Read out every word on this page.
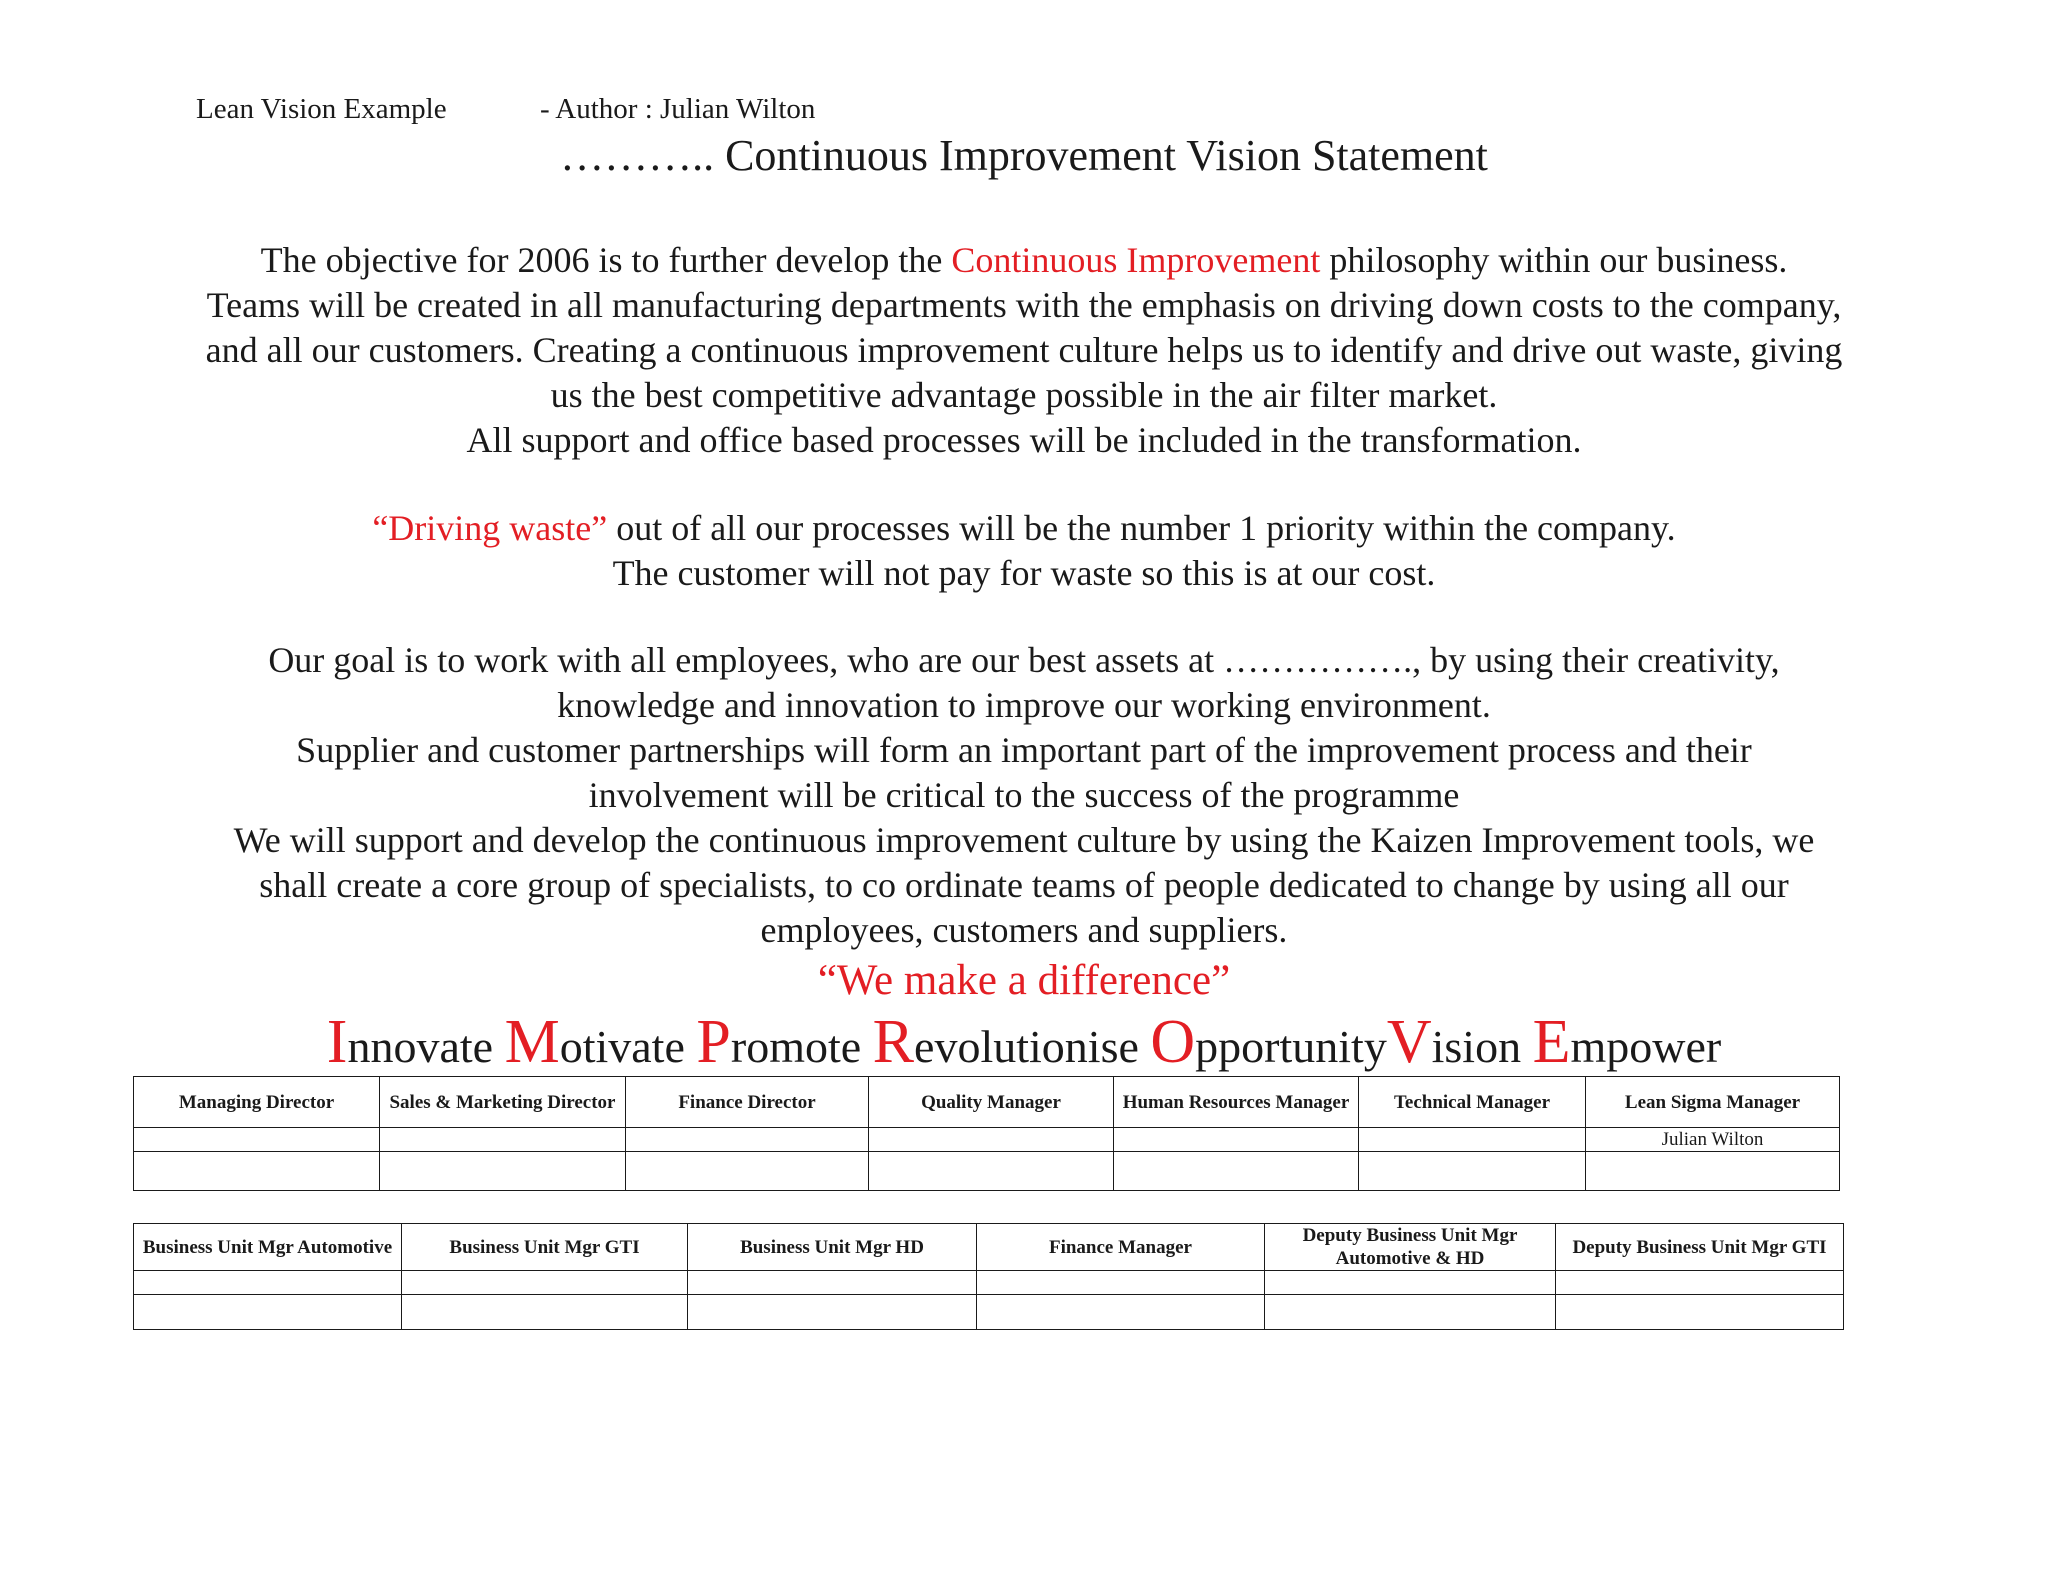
Lean Vision Example	- Author : Julian Wilton
……….. Continuous Improvement Vision Statement
The objective for 2006 is to further develop the Continuous Improvement philosophy within our business.
Teams will be created in all manufacturing departments with the emphasis on driving down costs to the company,
and all our customers. Creating a continuous improvement culture helps us to identify and drive out waste, giving
us the best competitive advantage possible in the air filter market.
All support and office based processes will be included in the transformation.
“Driving waste” out of all our processes will be the number 1 priority within the company.
The customer will not pay for waste so this is at our cost.
Our goal is to work with all employees, who are our best assets at ……………., by using their creativity,
knowledge and innovation to improve our working environment.
Supplier and customer partnerships will form an important part of the improvement process and their
involvement will be critical to the success of the programme
We will support and develop the continuous improvement culture by using the Kaizen Improvement tools, we
shall create a core group of specialists, to co ordinate teams of people dedicated to change by using all our
employees, customers and suppliers.
“We make a difference”
Innovate Motivate Promote Revolutionise OpportunityVision Empower
Managing Director	Sales & Marketing Director	Finance Director	Quality Manager	Human Resources Manager	Technical Manager	Lean Sigma Manager
						Julian Wilton

Business Unit Mgr Automotive	Business Unit Mgr GTI	Business Unit Mgr HD	Finance Manager	Deputy Business Unit Mgr Automotive & HD	Deputy Business Unit Mgr GTI
